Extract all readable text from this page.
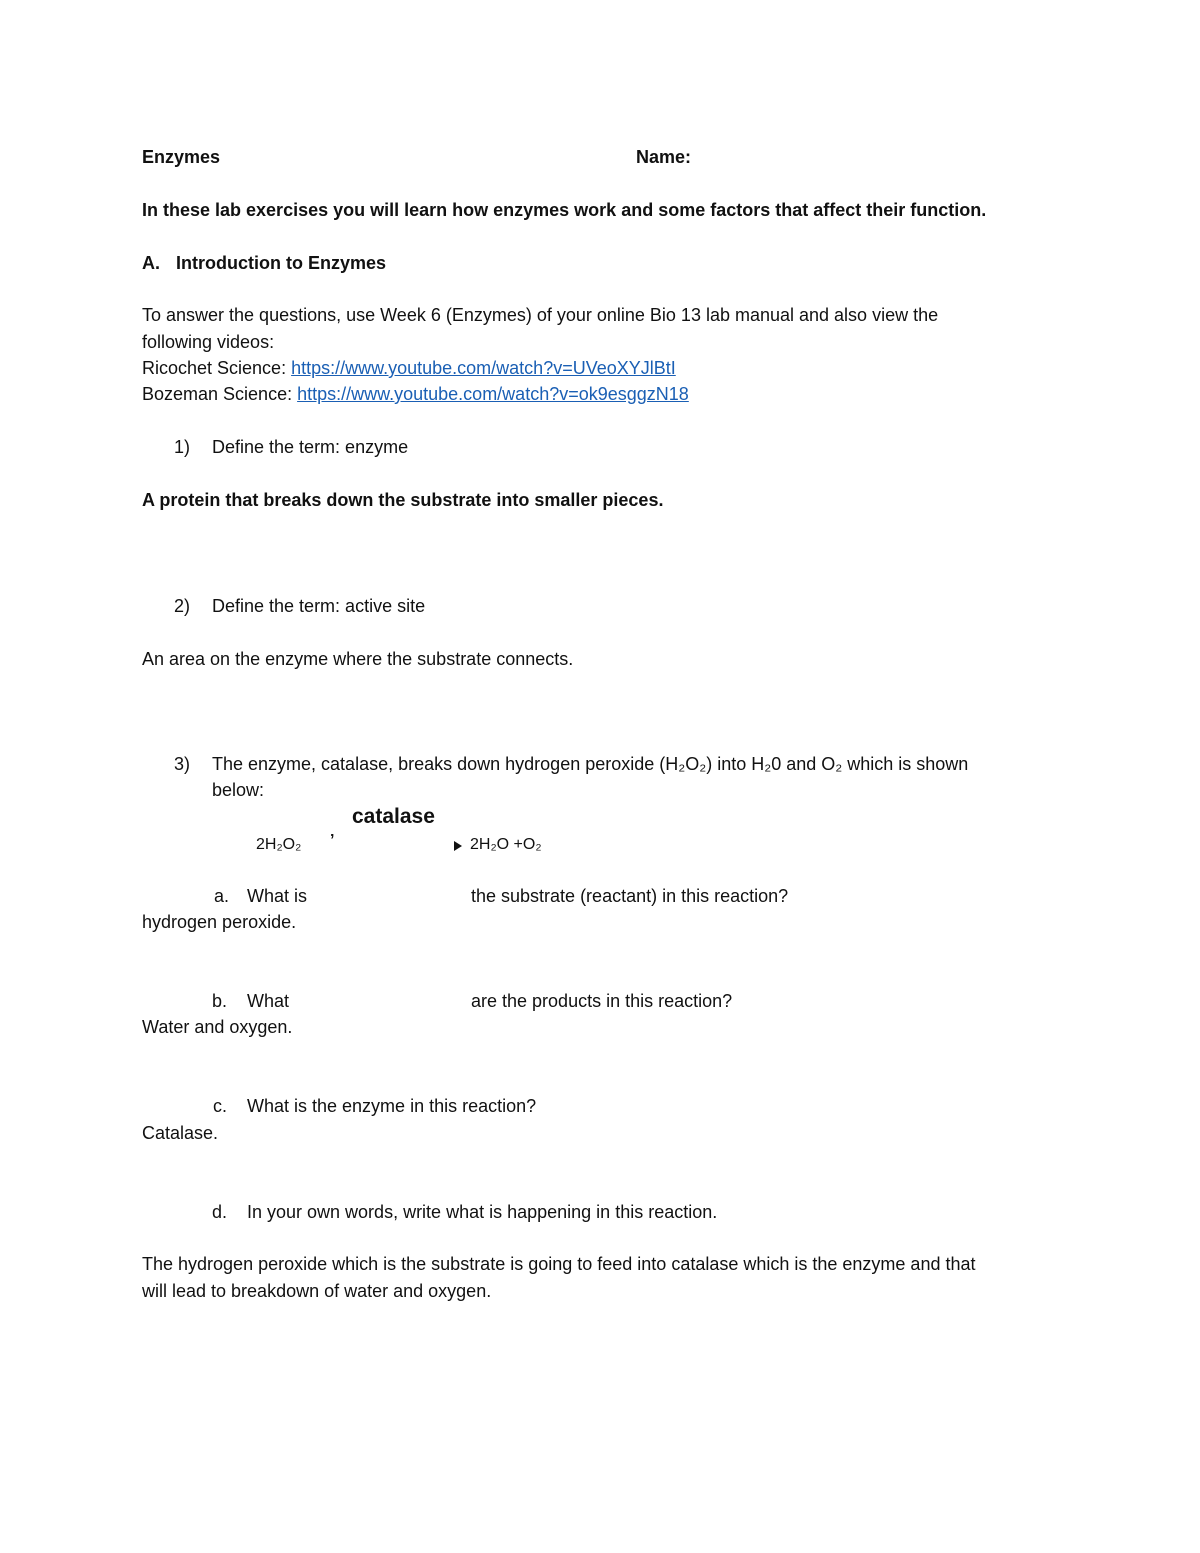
Enzymes	Name:
In these lab exercises you will learn how enzymes work and some factors that affect their function.
A. Introduction to Enzymes
To answer the questions, use Week 6 (Enzymes) of your online Bio 13 lab manual and also view the
following videos:
Ricochet Science: https://www.youtube.com/watch?v=UVeoXYJlBtI
Bozeman Science: https://www.youtube.com/watch?v=ok9esggzN18
1) Define the term: enzyme
A protein that breaks down the substrate into smaller pieces.
2) Define the term: active site
An area on the enzyme where the substrate connects.
3) The enzyme, catalase, breaks down hydrogen peroxide (H₂O₂) into H₂0 and O₂ which is shown
below:
catalase
2H₂O₂ ʼ	2H₂O +O₂
a. What is	the substrate (reactant) in this reaction?
hydrogen peroxide.
b. What	are the products in this reaction?
Water and oxygen.
c. What is the enzyme in this reaction?
Catalase.
d. In your own words, write what is happening in this reaction.
The hydrogen peroxide which is the substrate is going to feed into catalase which is the enzyme and that
will lead to breakdown of water and oxygen.
